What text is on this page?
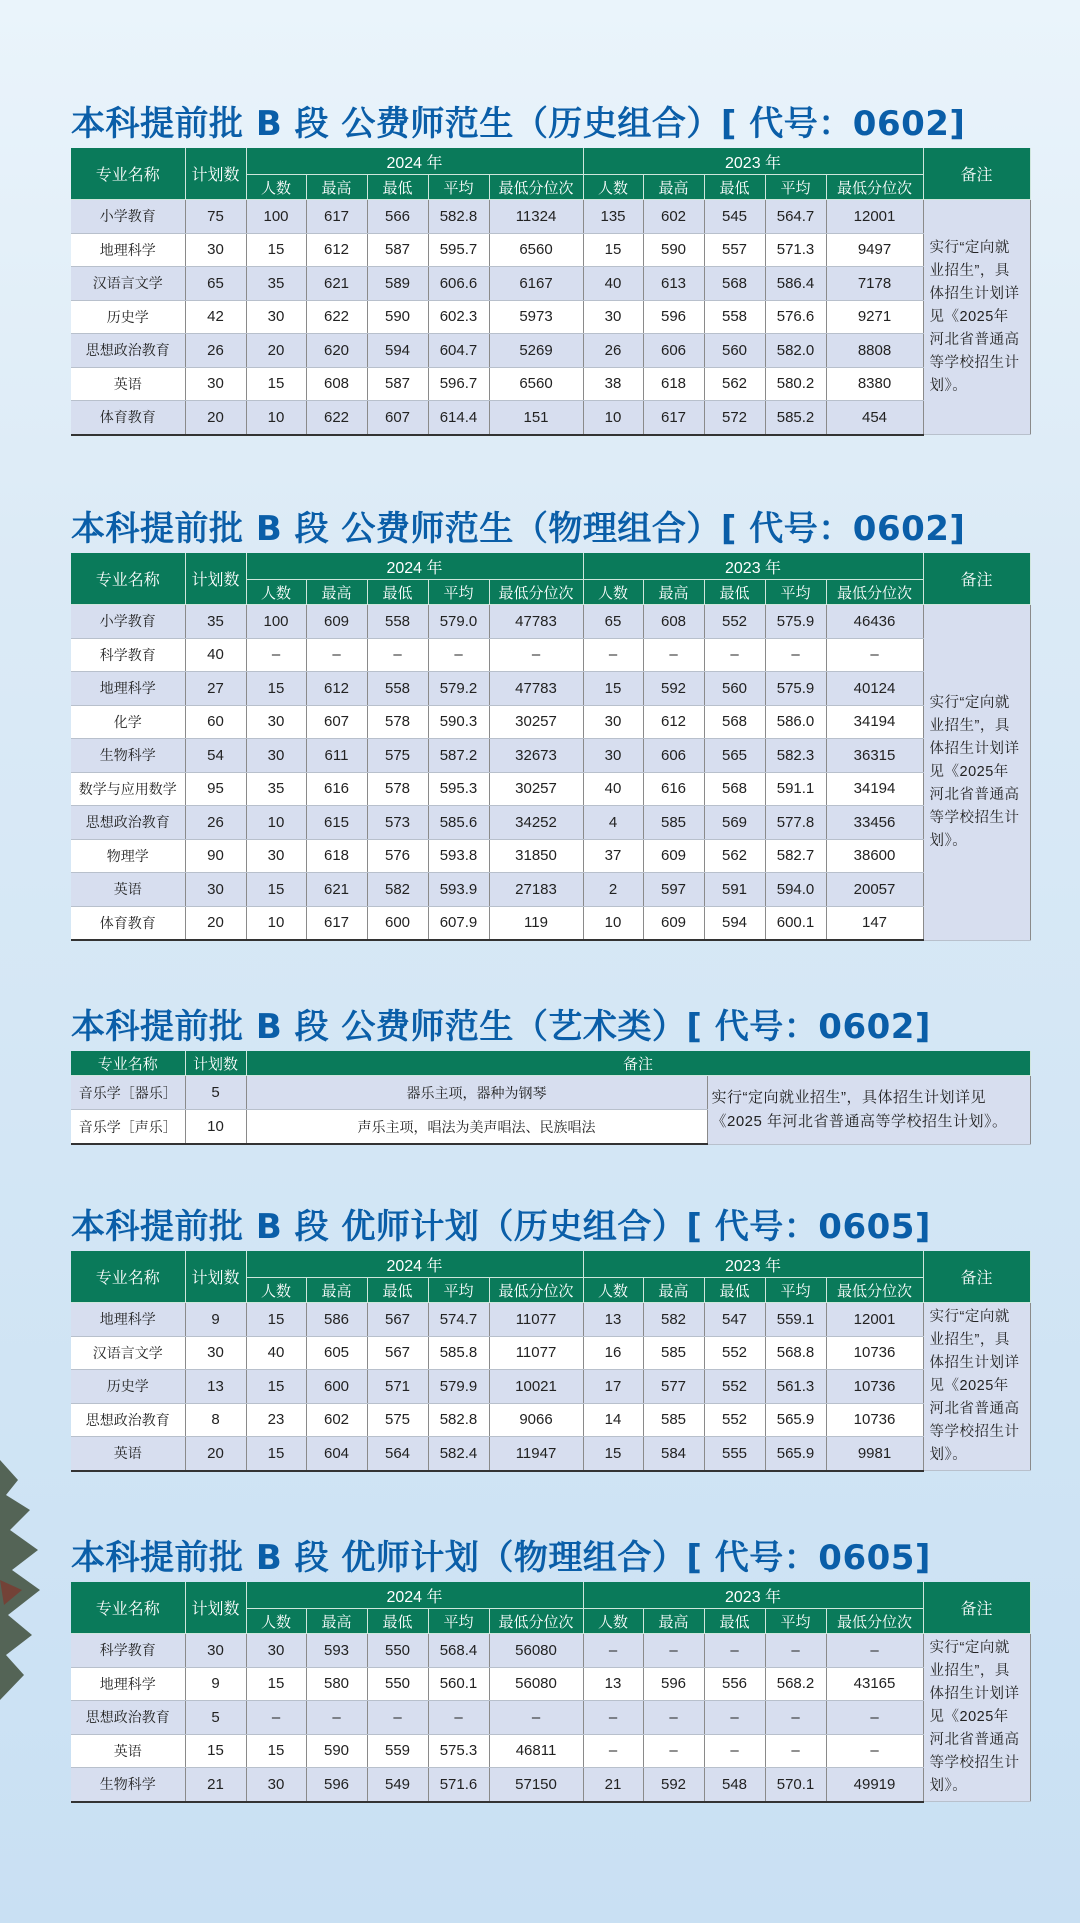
本科提前批 B 段 公费师范生（历史组合）[ 代号：0602]
专业名称	计划数	2024 年					2023 年					备注
		人数	最高	最低	平均	最低分位次	人数	最高	最低	平均	最低分位次	
小学教育	75	100	617	566	582.8	11324	135	602	545	564.7	12001	实行“定向就业招生”，具体招生计划详 见《2025年河北省普通高等学校招生计划》。
地理科学	30	15	612	587	595.7	6560	15	590	557	571.3	9497	
汉语言文学	65	35	621	589	606.6	6167	40	613	568	586.4	7178	
历史学	42	30	622	590	602.3	5973	30	596	558	576.6	9271	
思想政治教育	26	20	620	594	604.7	5269	26	606	560	582.0	8808	
英语	30	15	608	587	596.7	6560	38	618	562	580.2	8380	
体育教育	20	10	622	607	614.4	151	10	617	572	585.2	454	
本科提前批 B 段 公费师范生（物理组合）[ 代号：0602]
专业名称	计划数	2024 年					2023 年					备注
		人数	最高	最低	平均	最低分位次	人数	最高	最低	平均	最低分位次	
小学教育	35	100	609	558	579.0	47783	65	608	552	575.9	46436	实行“定向就业招生”，具体招生计划详 见《2025年河北省普通高等学校招生计划》。
科学教育	40	–	–	–	–	–	–	–	–	–	–	
地理科学	27	15	612	558	579.2	47783	15	592	560	575.9	40124	
化学	60	30	607	578	590.3	30257	30	612	568	586.0	34194	
生物科学	54	30	611	575	587.2	32673	30	606	565	582.3	36315	
数学与应用数学	95	35	616	578	595.3	30257	40	616	568	591.1	34194	
思想政治教育	26	10	615	573	585.6	34252	4	585	569	577.8	33456	
物理学	90	30	618	576	593.8	31850	37	609	562	582.7	38600	
英语	30	15	621	582	593.9	27183	2	597	591	594.0	20057	
体育教育	20	10	617	600	607.9	119	10	609	594	600.1	147	
本科提前批 B 段 公费师范生（艺术类）[ 代号：0602]
专业名称	计划数	备注	
音乐学［器乐］	5	器乐主项，器种为钢琴	实行“定向就业招生”，具体招生计划详见《2025 年河北省普通高等学校招生计划》。
音乐学［声乐］	10	声乐主项，唱法为美声唱法、民族唱法	
本科提前批 B 段 优师计划（历史组合）[ 代号：0605]
专业名称	计划数	2024 年					2023 年					备注
		人数	最高	最低	平均	最低分位次	人数	最高	最低	平均	最低分位次	
地理科学	9	15	586	567	574.7	11077	13	582	547	559.1	12001	实行“定向就业招生”，具体招生计划详 见《2025年河北省普通高等学校招生计划》。
汉语言文学	30	40	605	567	585.8	11077	16	585	552	568.8	10736	
历史学	13	15	600	571	579.9	10021	17	577	552	561.3	10736	
思想政治教育	8	23	602	575	582.8	9066	14	585	552	565.9	10736	
英语	20	15	604	564	582.4	11947	15	584	555	565.9	9981	
本科提前批 B 段 优师计划（物理组合）[ 代号：0605]
专业名称	计划数	2024 年					2023 年					备注
		人数	最高	最低	平均	最低分位次	人数	最高	最低	平均	最低分位次	
科学教育	30	30	593	550	568.4	56080	–	–	–	–	–	实行“定向就业招生”，具体招生计划详 见《2025年河北省普通高等学校招生计划》。
地理科学	9	15	580	550	560.1	56080	13	596	556	568.2	43165	
思想政治教育	5	–	–	–	–	–	–	–	–	–	–	
英语	15	15	590	559	575.3	46811	–	–	–	–	–	
生物科学	21	30	596	549	571.6	57150	21	592	548	570.1	49919	
